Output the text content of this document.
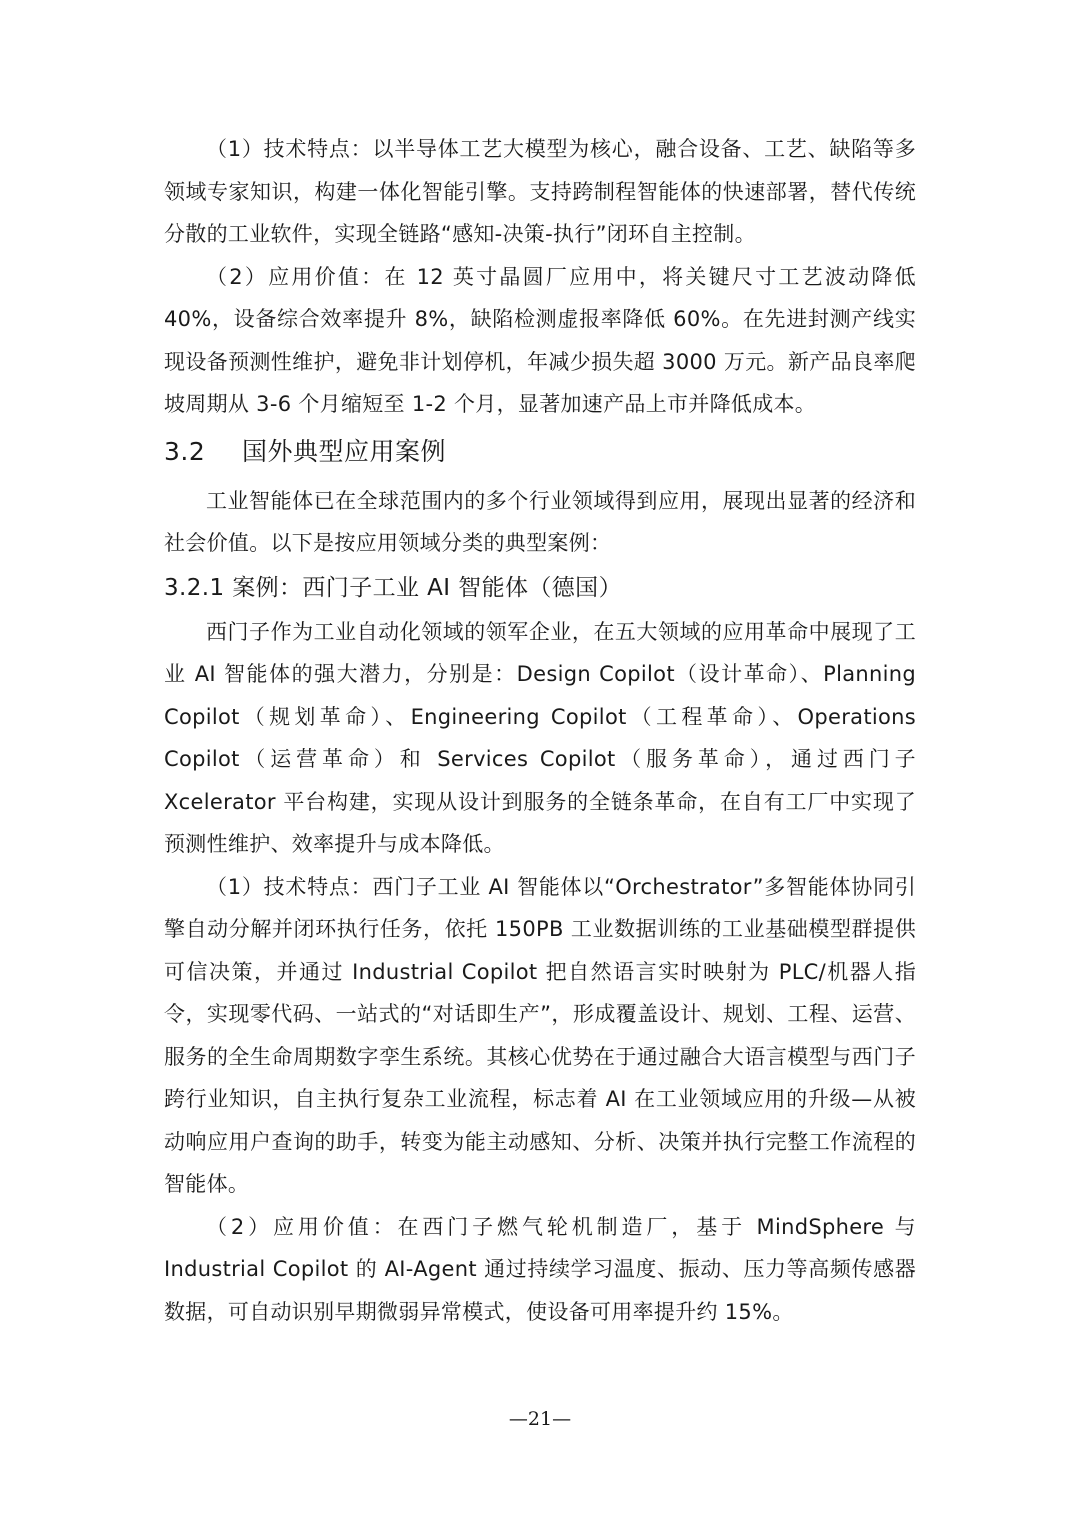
（1）技术特点：以半导体工艺大模型为核心，融合设备、工艺、缺陷等多领域专家知识，构建一体化智能引擎。支持跨制程智能体的快速部署，替代传统分散的工业软件，实现全链路“感知-决策-执行”闭环自主控制。

（2）应用价值：在 12 英寸晶圆厂应用中，将关键尺寸工艺波动降低 40%，设备综合效率提升 8%，缺陷检测虚报率降低 60%。在先进封测产线实现设备预测性维护，避免非计划停机，年减少损失超 3000 万元。新产品良率爬坡周期从 3-6 个月缩短至 1-2 个月，显著加速产品上市并降低成本。

3.2 国外典型应用案例

工业智能体已在全球范围内的多个行业领域得到应用，展现出显著的经济和社会价值。以下是按应用领域分类的典型案例：

3.2.1 案例：西门子工业 AI 智能体（德国）

西门子作为工业自动化领域的领军企业，在五大领域的应用革命中展现了工业 AI 智能体的强大潜力，分别是：Design Copilot（设计革命）、Planning Copilot（规划革命）、Engineering Copilot（工程革命）、Operations Copilot（运营革命）和 Services Copilot（服务革命），通过西门子 Xcelerator 平台构建，实现从设计到服务的全链条革命，在自有工厂中实现了预测性维护、效率提升与成本降低。

（1）技术特点：西门子工业 AI 智能体以“Orchestrator”多智能体协同引擎自动分解并闭环执行任务，依托 150PB 工业数据训练的工业基础模型群提供可信决策，并通过 Industrial Copilot 把自然语言实时映射为 PLC/机器人指令，实现零代码、一站式的“对话即生产”，形成覆盖设计、规划、工程、运营、服务的全生命周期数字孪生系统。其核心优势在于通过融合大语言模型与西门子跨行业知识，自主执行复杂工业流程，标志着 AI 在工业领域应用的升级—从被动响应用户查询的助手，转变为能主动感知、分析、决策并执行完整工作流程的智能体。

（2）应用价值：在西门子燃气轮机制造厂，基于 MindSphere 与 Industrial Copilot 的 AI-Agent 通过持续学习温度、振动、压力等高频传感器数据，可自动识别早期微弱异常模式，使设备可用率提升约 15%。

—21—
